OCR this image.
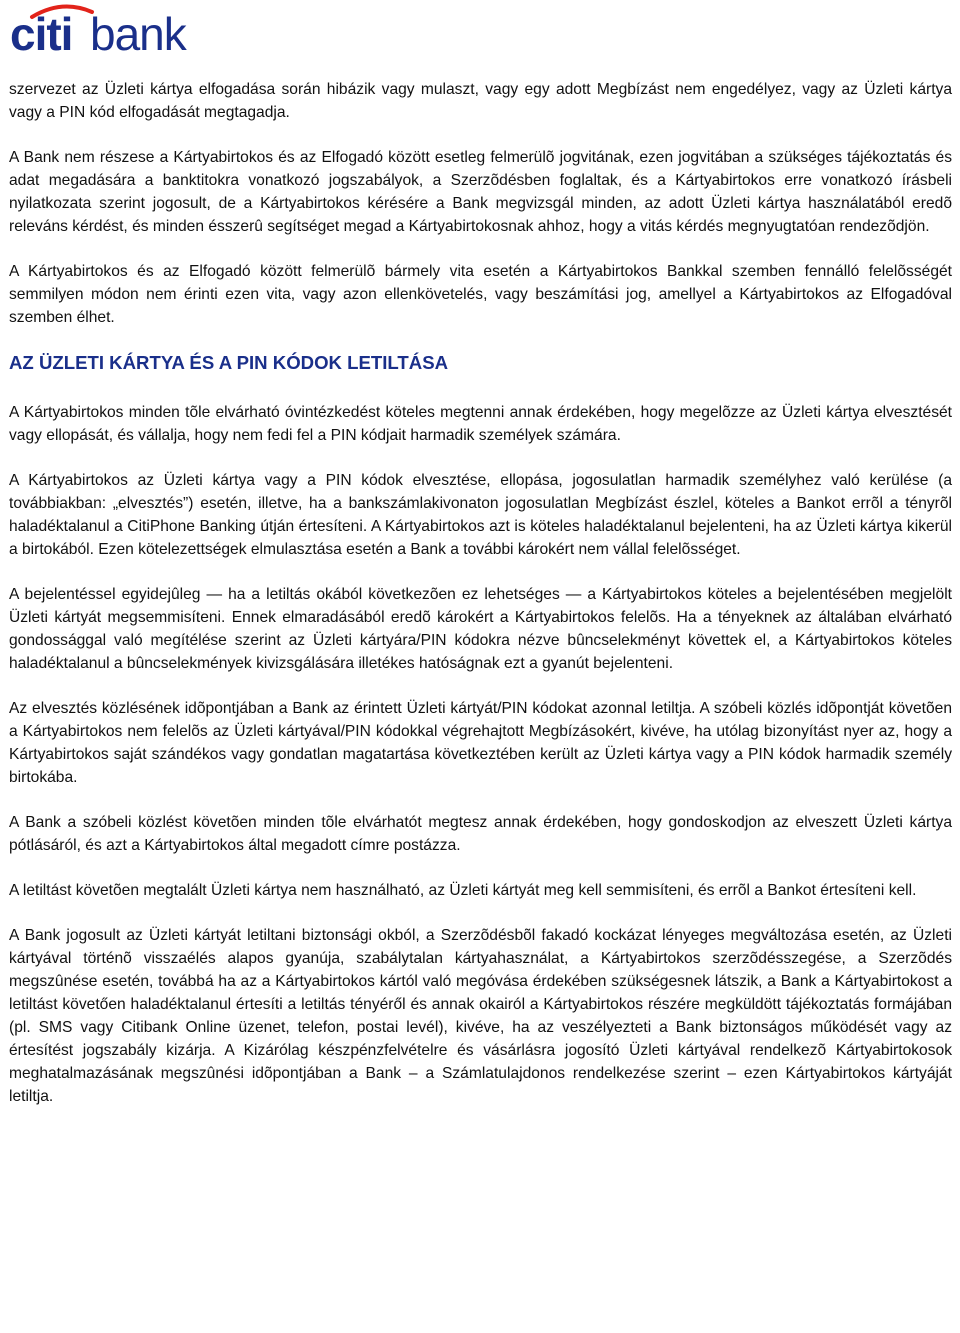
citi bank

szervezet az Üzleti kártya elfogadása során hibázik vagy mulaszt, vagy egy adott Megbízást nem engedélyez, vagy az Üzleti kártya vagy a PIN kód elfogadását megtagadja.

A Bank nem részese a Kártyabirtokos és az Elfogadó között esetleg felmerülõ jogvitának, ezen jogvitában a szükséges tájékoztatás és adat megadására a banktitokra vonatkozó jogszabályok, a Szerzõdésben foglaltak, és a Kártyabirtokos erre vonatkozó írásbeli nyilatkozata szerint jogosult, de a Kártyabirtokos kérésére a Bank megvizsgál minden, az adott Üzleti kártya használatából eredõ releváns kérdést, és minden ésszerû segítséget megad a Kártyabirtokosnak ahhoz, hogy a vitás kérdés megnyugtatóan rendezõdjön.

A Kártyabirtokos és az Elfogadó között felmerülõ bármely vita esetén a Kártyabirtokos Bankkal szemben fennálló felelõsségét semmilyen módon nem érinti ezen vita, vagy azon ellenkövetelés, vagy beszámítási jog, amellyel a Kártyabirtokos az Elfogadóval szemben élhet.

AZ ÜZLETI KÁRTYA ÉS A PIN KÓDOK LETILTÁSA

A Kártyabirtokos minden tõle elvárható óvintézkedést köteles megtenni annak érdekében, hogy megelõzze az Üzleti kártya elvesztését vagy ellopását, és vállalja, hogy nem fedi fel a PIN kódjait harmadik személyek számára.

A Kártyabirtokos az Üzleti kártya vagy a PIN kódok elvesztése, ellopása, jogosulatlan harmadik személyhez való kerülése (a továbbiakban: „elvesztés”) esetén, illetve, ha a bankszámlakivonaton jogosulatlan Megbízást észlel, köteles a Bankot errõl a tényrõl haladéktalanul a CitiPhone Banking útján értesíteni. A Kártyabirtokos azt is köteles haladéktalanul bejelenteni, ha az Üzleti kártya kikerül a birtokából. Ezen kötelezettségek elmulasztása esetén a Bank a további károkért nem vállal felelõsséget.

A bejelentéssel egyidejûleg — ha a letiltás okából következõen ez lehetséges — a Kártyabirtokos köteles a bejelentésében megjelölt Üzleti kártyát megsemmisíteni. Ennek elmaradásából eredõ károkért a Kártyabirtokos felelõs. Ha a tényeknek az általában elvárható gondossággal való megítélése szerint az Üzleti kártyára/PIN kódokra nézve bûncselekményt követtek el, a Kártyabirtokos köteles haladéktalanul a bûncselekmények kivizsgálására illetékes hatóságnak ezt a gyanút bejelenteni.

Az elvesztés közlésének idõpontjában a Bank az érintett Üzleti kártyát/PIN kódokat azonnal letiltja. A szóbeli közlés idõpontját követõen a Kártyabirtokos nem felelõs az Üzleti kártyával/PIN kódokkal végrehajtott Megbízásokért, kivéve, ha utólag bizonyítást nyer az, hogy a Kártyabirtokos saját szándékos vagy gondatlan magatartása következtében került az Üzleti kártya vagy a PIN kódok harmadik személy birtokába.

A Bank a szóbeli közlést követõen minden tõle elvárhatót megtesz annak érdekében, hogy gondoskodjon az elveszett Üzleti kártya pótlásáról, és azt a Kártyabirtokos által megadott címre postázza.

A letiltást követõen megtalált Üzleti kártya nem használható, az Üzleti kártyát meg kell semmisíteni, és errõl a Bankot értesíteni kell.

A Bank jogosult az Üzleti kártyát letiltani biztonsági okból, a Szerzõdésbõl fakadó kockázat lényeges megváltozása esetén, az Üzleti kártyával történõ visszaélés alapos gyanúja, szabálytalan kártyahasználat, a Kártyabirtokos szerzõdésszegése, a Szerzõdés megszûnése esetén, továbbá ha az a Kártyabirtokos kártól való megóvása érdekében szükségesnek látszik, a Bank a Kártyabirtokost a letiltást követően haladéktalanul értesíti a letiltás tényéről és annak okairól a Kártyabirtokos részére megküldött tájékoztatás formájában (pl. SMS vagy Citibank Online üzenet, telefon, postai levél), kivéve, ha az veszélyezteti a Bank biztonságos működését vagy az értesítést jogszabály kizárja. A Kizárólag készpénzfelvételre és vásárlásra jogosító Üzleti kártyával rendelkezõ Kártyabirtokosok meghatalmazásának megszûnési idõpontjában a Bank – a Számlatulajdonos rendelkezése szerint – ezen Kártyabirtokos kártyáját letiltja.
